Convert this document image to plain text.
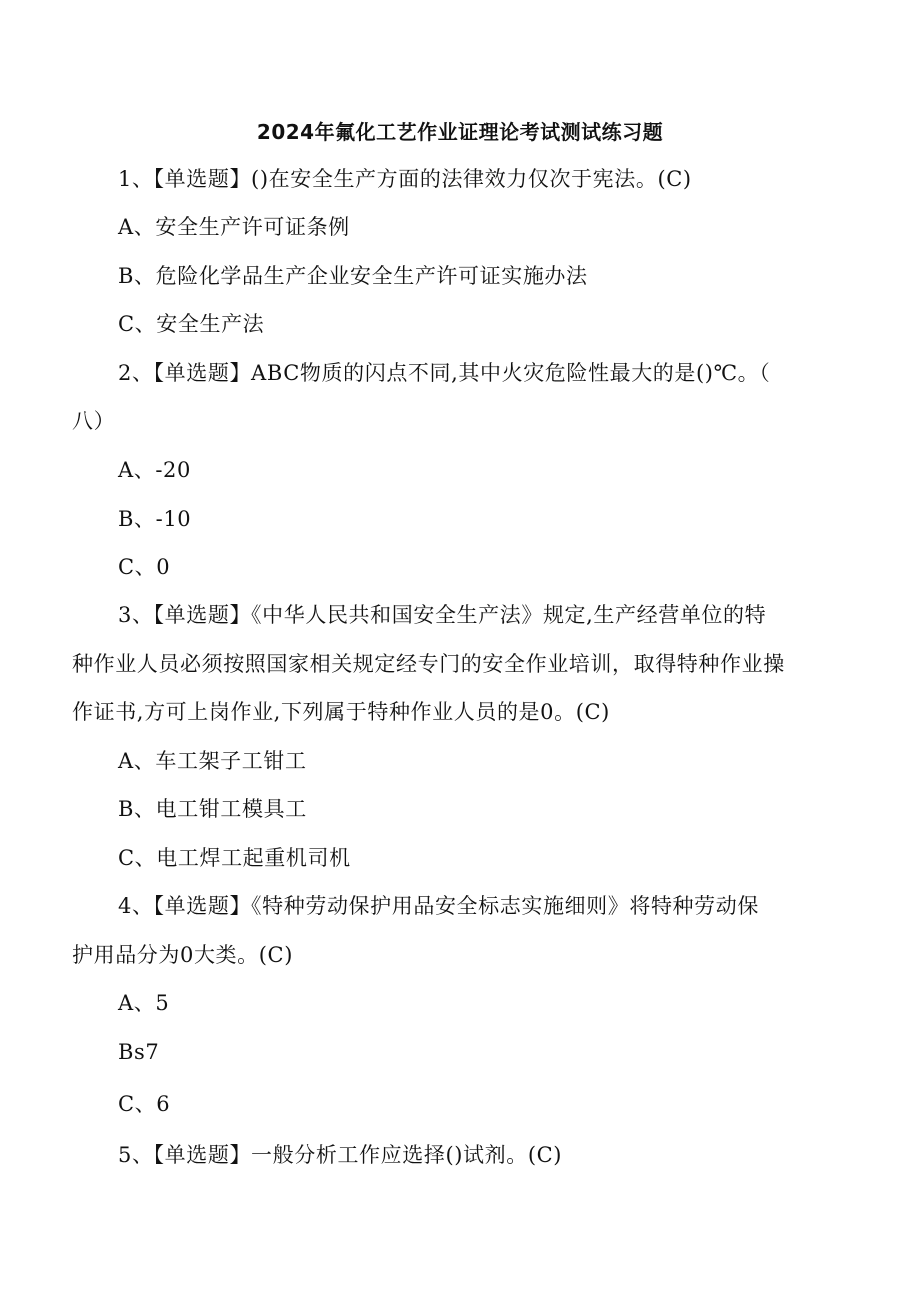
2024年氟化工艺作业证理论考试测试练习题
1、【单选题】()在安全生产方面的法律效力仅次于宪法。(C)
A、安全生产许可证条例
B、危险化学品生产企业安全生产许可证实施办法
C、安全生产法
2、【单选题】ABC物质的闪点不同,其中火灾危险性最大的是()℃。（
八）
A、-20
B、-10
C、0
3、【单选题】《中华人民共和国安全生产法》规定,生产经营单位的特
种作业人员必须按照国家相关规定经专门的安全作业培训，取得特种作业操
作证书,方可上岗作业,下列属于特种作业人员的是0。(C)
A、车工架子工钳工
B、电工钳工模具工
C、电工焊工起重机司机
4、【单选题】《特种劳动保护用品安全标志实施细则》将特种劳动保
护用品分为0大类。(C)
A、5
Bs7
C、6
5、【单选题】一般分析工作应选择()试剂。(C)
